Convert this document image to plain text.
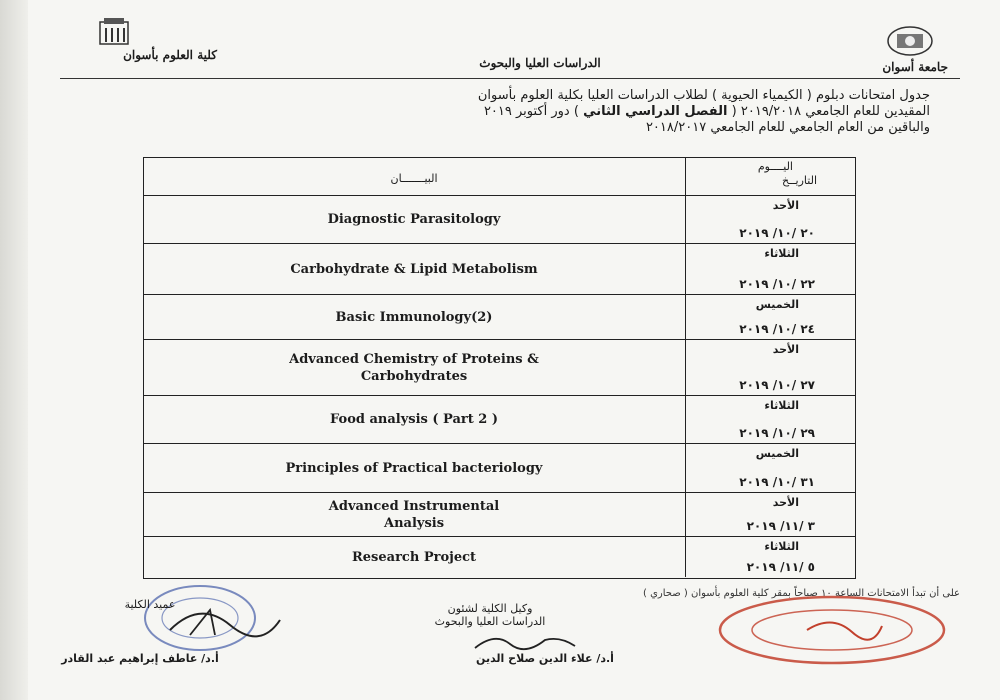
كلية العلوم بأسوان
الدراسات العليا والبحوث	جامعة أسوان
جدول امتحانات دبلوم ( الكيمياء الحيوية ) لطلاب الدراسات العليا بكلية العلوم بأسوان
المقيدين للعام الجامعي ٢٠١٩/٢٠١٨ ( الفصل الدراسي الثاني ) دور أكتوبر ٢٠١٩
والباقين من العام الجامعي للعام الجامعي ٢٠١٨/٢٠١٧
البيـــــــان
اليــــوم
التاريــخ
Diagnostic Parasitology
الأحد
٢٠ /١٠/ ٢٠١٩
Carbohydrate & Lipid Metabolism
الثلاثاء
٢٢ /١٠/ ٢٠١٩
Basic Immunology(2)
الخميس
٢٤ /١٠/ ٢٠١٩
Advanced Chemistry of Proteins & Carbohydrates
الأحد
٢٧ /١٠/ ٢٠١٩
Food analysis ( Part 2 )
الثلاثاء
٢٩ /١٠/ ٢٠١٩
Principles of Practical bacteriology
الخميس
٣١ /١٠/ ٢٠١٩
Advanced Instrumental Analysis
الأحد
٣ /١١/ ٢٠١٩
Research Project
الثلاثاء
٥ /١١/ ٢٠١٩
على أن تبدأ الامتحانات الساعة ١٠ صباحاً بمقر كلية العلوم بأسوان ( صحاري )
عميد الكلية
أ.د/ عاطف إبراهيم عبد القادر
وكيل الكلية لشئون الدراسات العليا والبحوث
أ.د/ علاء الدين صلاح الدين
